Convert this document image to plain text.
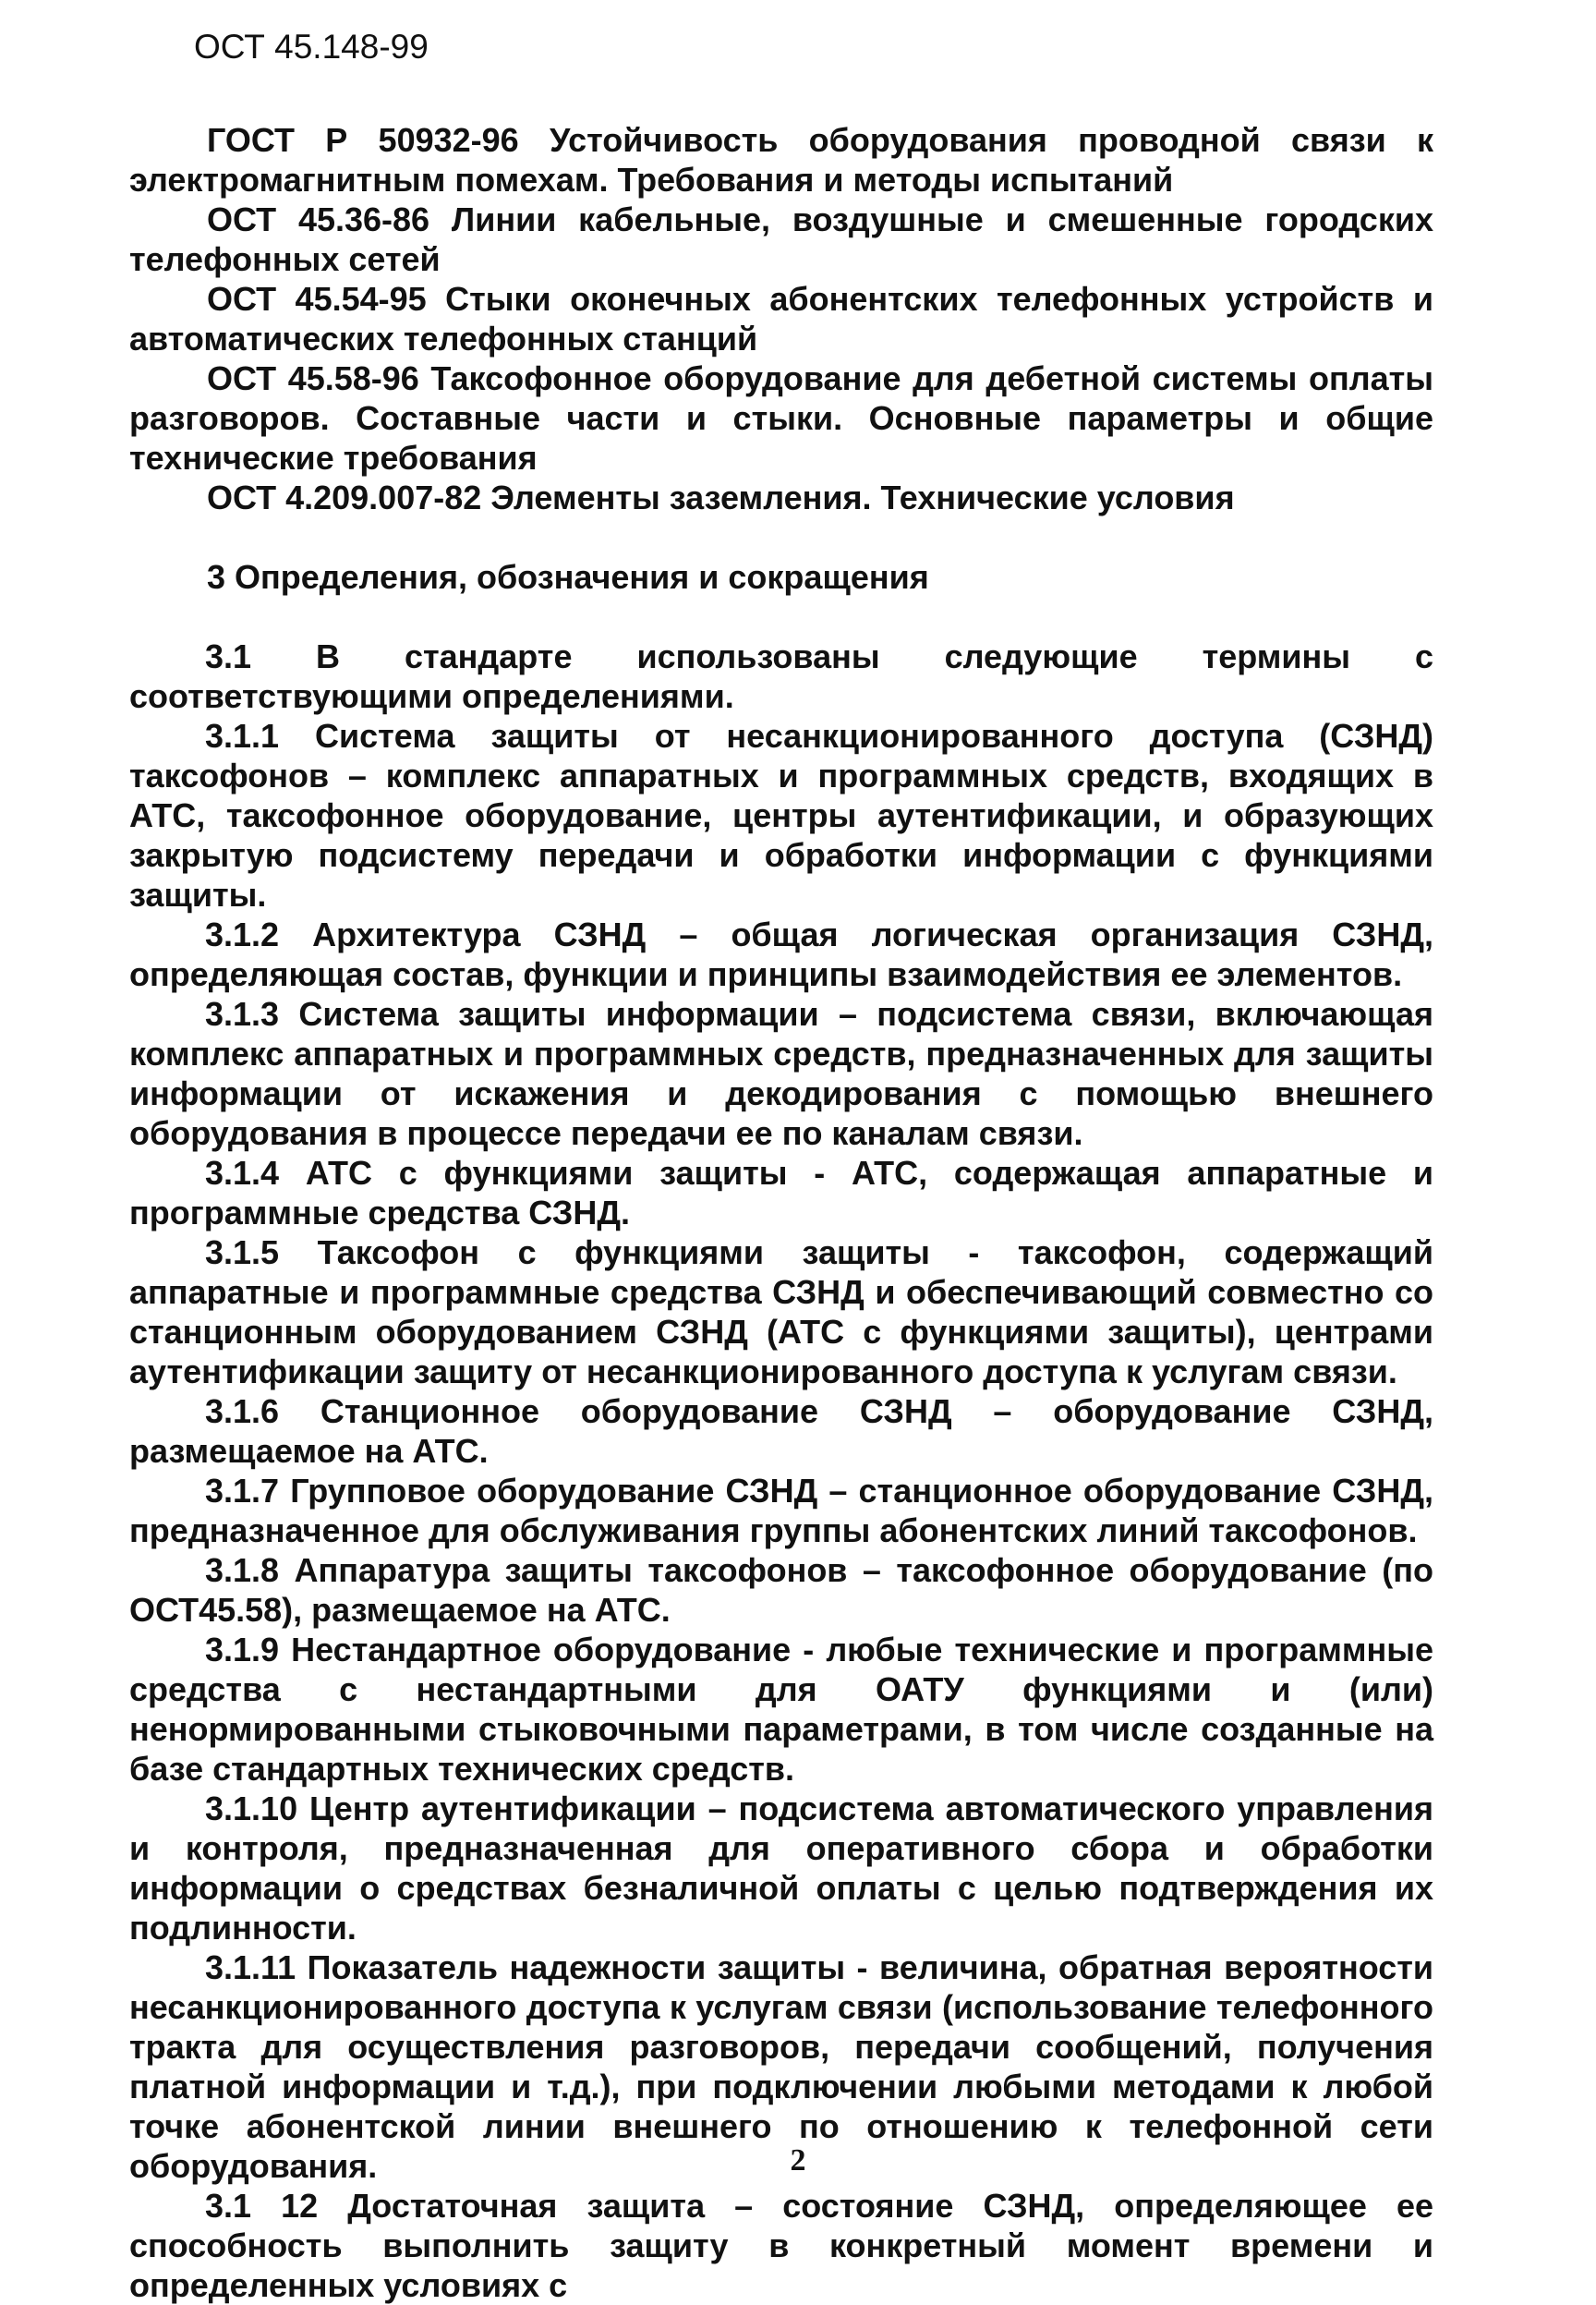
ОСТ 45.148-99

ГОСТ Р 50932-96 Устойчивость оборудования проводной связи к электромагнитным помехам. Требования и методы испытаний

ОСТ 45.36-86 Линии кабельные, воздушные и смешенные городских телефонных сетей

ОСТ 45.54-95 Стыки оконечных абонентских телефонных устройств и автоматических телефонных станций

ОСТ 45.58-96 Таксофонное оборудование для дебетной системы оплаты разговоров. Составные части и стыки. Основные параметры и общие технические требования

ОСТ 4.209.007-82 Элементы заземления. Технические условия

3 Определения, обозначения и сокращения

3.1 В стандарте использованы следующие термины с соответствующими определениями.

3.1.1 Система защиты от несанкционированного доступа (СЗНД) таксофонов – комплекс аппаратных и программных средств, входящих в АТС, таксофонное оборудование, центры аутентификации, и образующих закрытую подсистему передачи и обработки информации с функциями защиты.

3.1.2 Архитектура СЗНД – общая логическая организация СЗНД, определяющая состав, функции и принципы взаимодействия ее элементов.

3.1.3 Система защиты информации – подсистема связи, включающая комплекс аппаратных и программных средств, предназначенных для защиты информации от искажения и декодирования с помощью внешнего оборудования в процессе передачи ее по каналам связи.

3.1.4 АТС с функциями защиты - АТС, содержащая аппаратные и программные средства СЗНД.

3.1.5 Таксофон с функциями защиты - таксофон, содержащий аппаратные и программные средства СЗНД и обеспечивающий совместно со станционным оборудованием СЗНД (АТС с функциями защиты), центрами аутентификации защиту от несанкционированного доступа к услугам связи.

3.1.6 Станционное оборудование СЗНД – оборудование СЗНД, размещаемое на АТС.

3.1.7 Групповое оборудование СЗНД – станционное оборудование СЗНД, предназначенное для обслуживания группы абонентских линий таксофонов.

3.1.8 Аппаратура защиты таксофонов – таксофонное оборудование (по ОСТ45.58), размещаемое на АТС.

3.1.9 Нестандартное оборудование - любые технические и программные средства с нестандартными для ОАТУ функциями и (или) ненормированными стыковочными параметрами, в том числе созданные на базе стандартных технических средств.

3.1.10 Центр аутентификации – подсистема автоматического управления и контроля, предназначенная для оперативного сбора и обработки информации о средствах безналичной оплаты с целью подтверждения их подлинности.

3.1.11 Показатель надежности защиты - величина, обратная вероятности несанкционированного доступа к услугам связи (использование телефонного тракта для осуществления разговоров, передачи сообщений, получения платной информации и т.д.), при подключении любыми методами к любой точке абонентской линии внешнего по отношению к телефонной сети оборудования.

3.1 12 Достаточная защита – состояние СЗНД, определяющее ее способность выполнить защиту в конкретный момент времени и определенных условиях с

2
